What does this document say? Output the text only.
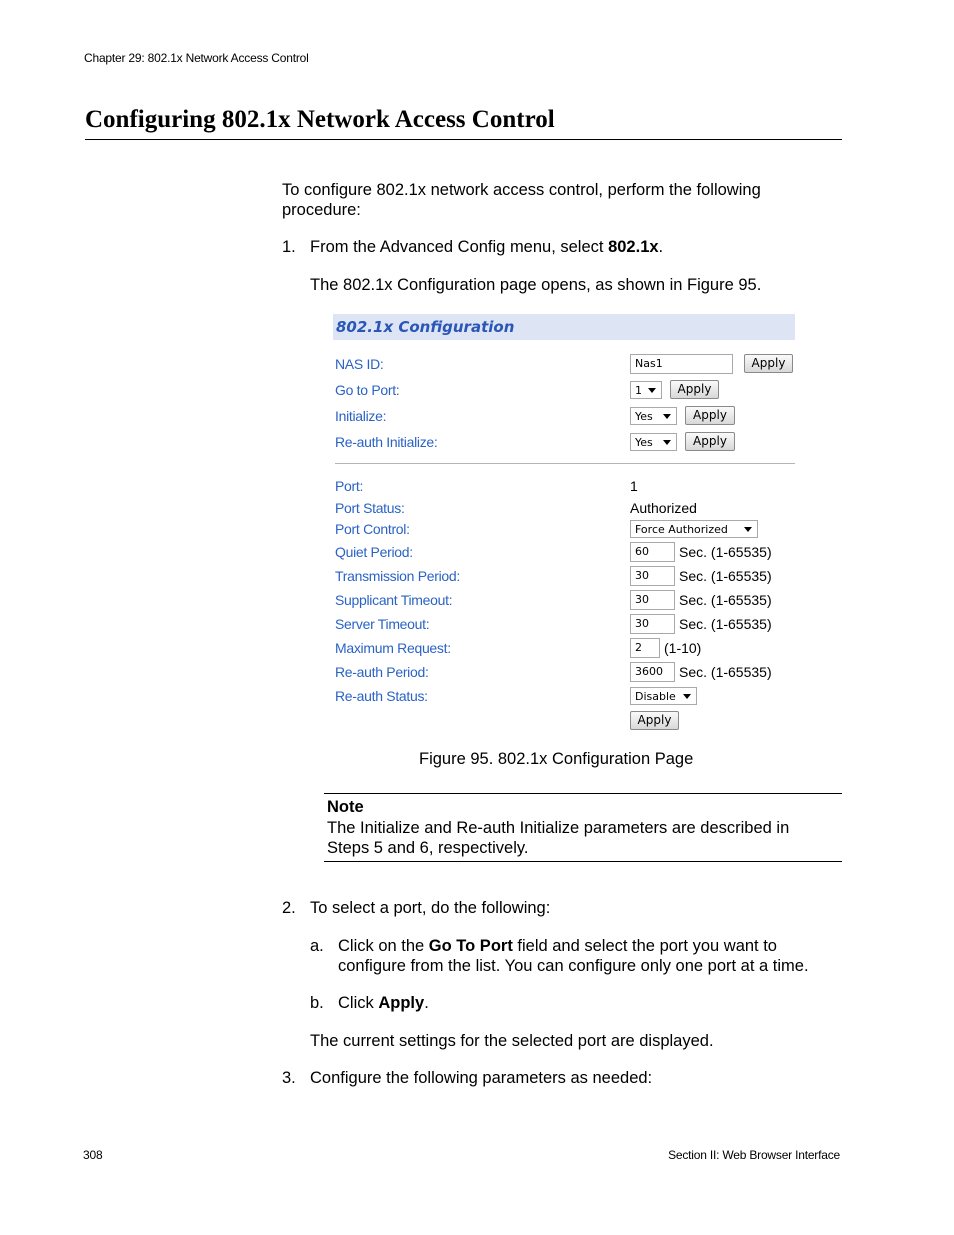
Chapter 29: 802.1x Network Access Control
Configuring 802.1x Network Access Control
To configure 802.1x network access control, perform the following
procedure:
1. From the Advanced Config menu, select 802.1x.
The 802.1x Configuration page opens, as shown in Figure 95.
802.1x Configuration
NAS ID:	Nas1	Apply
Go to Port:	1	Apply
Initialize:	Yes	Apply
Re-auth Initialize:	Yes	Apply
Port:	1
Port Status:	Authorized
Port Control:	Force Authorized
Quiet Period:	60	Sec. (1-65535)
Transmission Period:	30	Sec. (1-65535)
Supplicant Timeout:	30	Sec. (1-65535)
Server Timeout:	30	Sec. (1-65535)
Maximum Request:	2	(1-10)
Re-auth Period:	3600	Sec. (1-65535)
Re-auth Status:	Disable
Apply
Figure 95. 802.1x Configuration Page
Note
The Initialize and Re-auth Initialize parameters are described in
Steps 5 and 6, respectively.
2. To select a port, do the following:
a. Click on the Go To Port field and select the port you want to
configure from the list. You can configure only one port at a time.
b. Click Apply.
The current settings for the selected port are displayed.
3. Configure the following parameters as needed:
308	Section II: Web Browser Interface
